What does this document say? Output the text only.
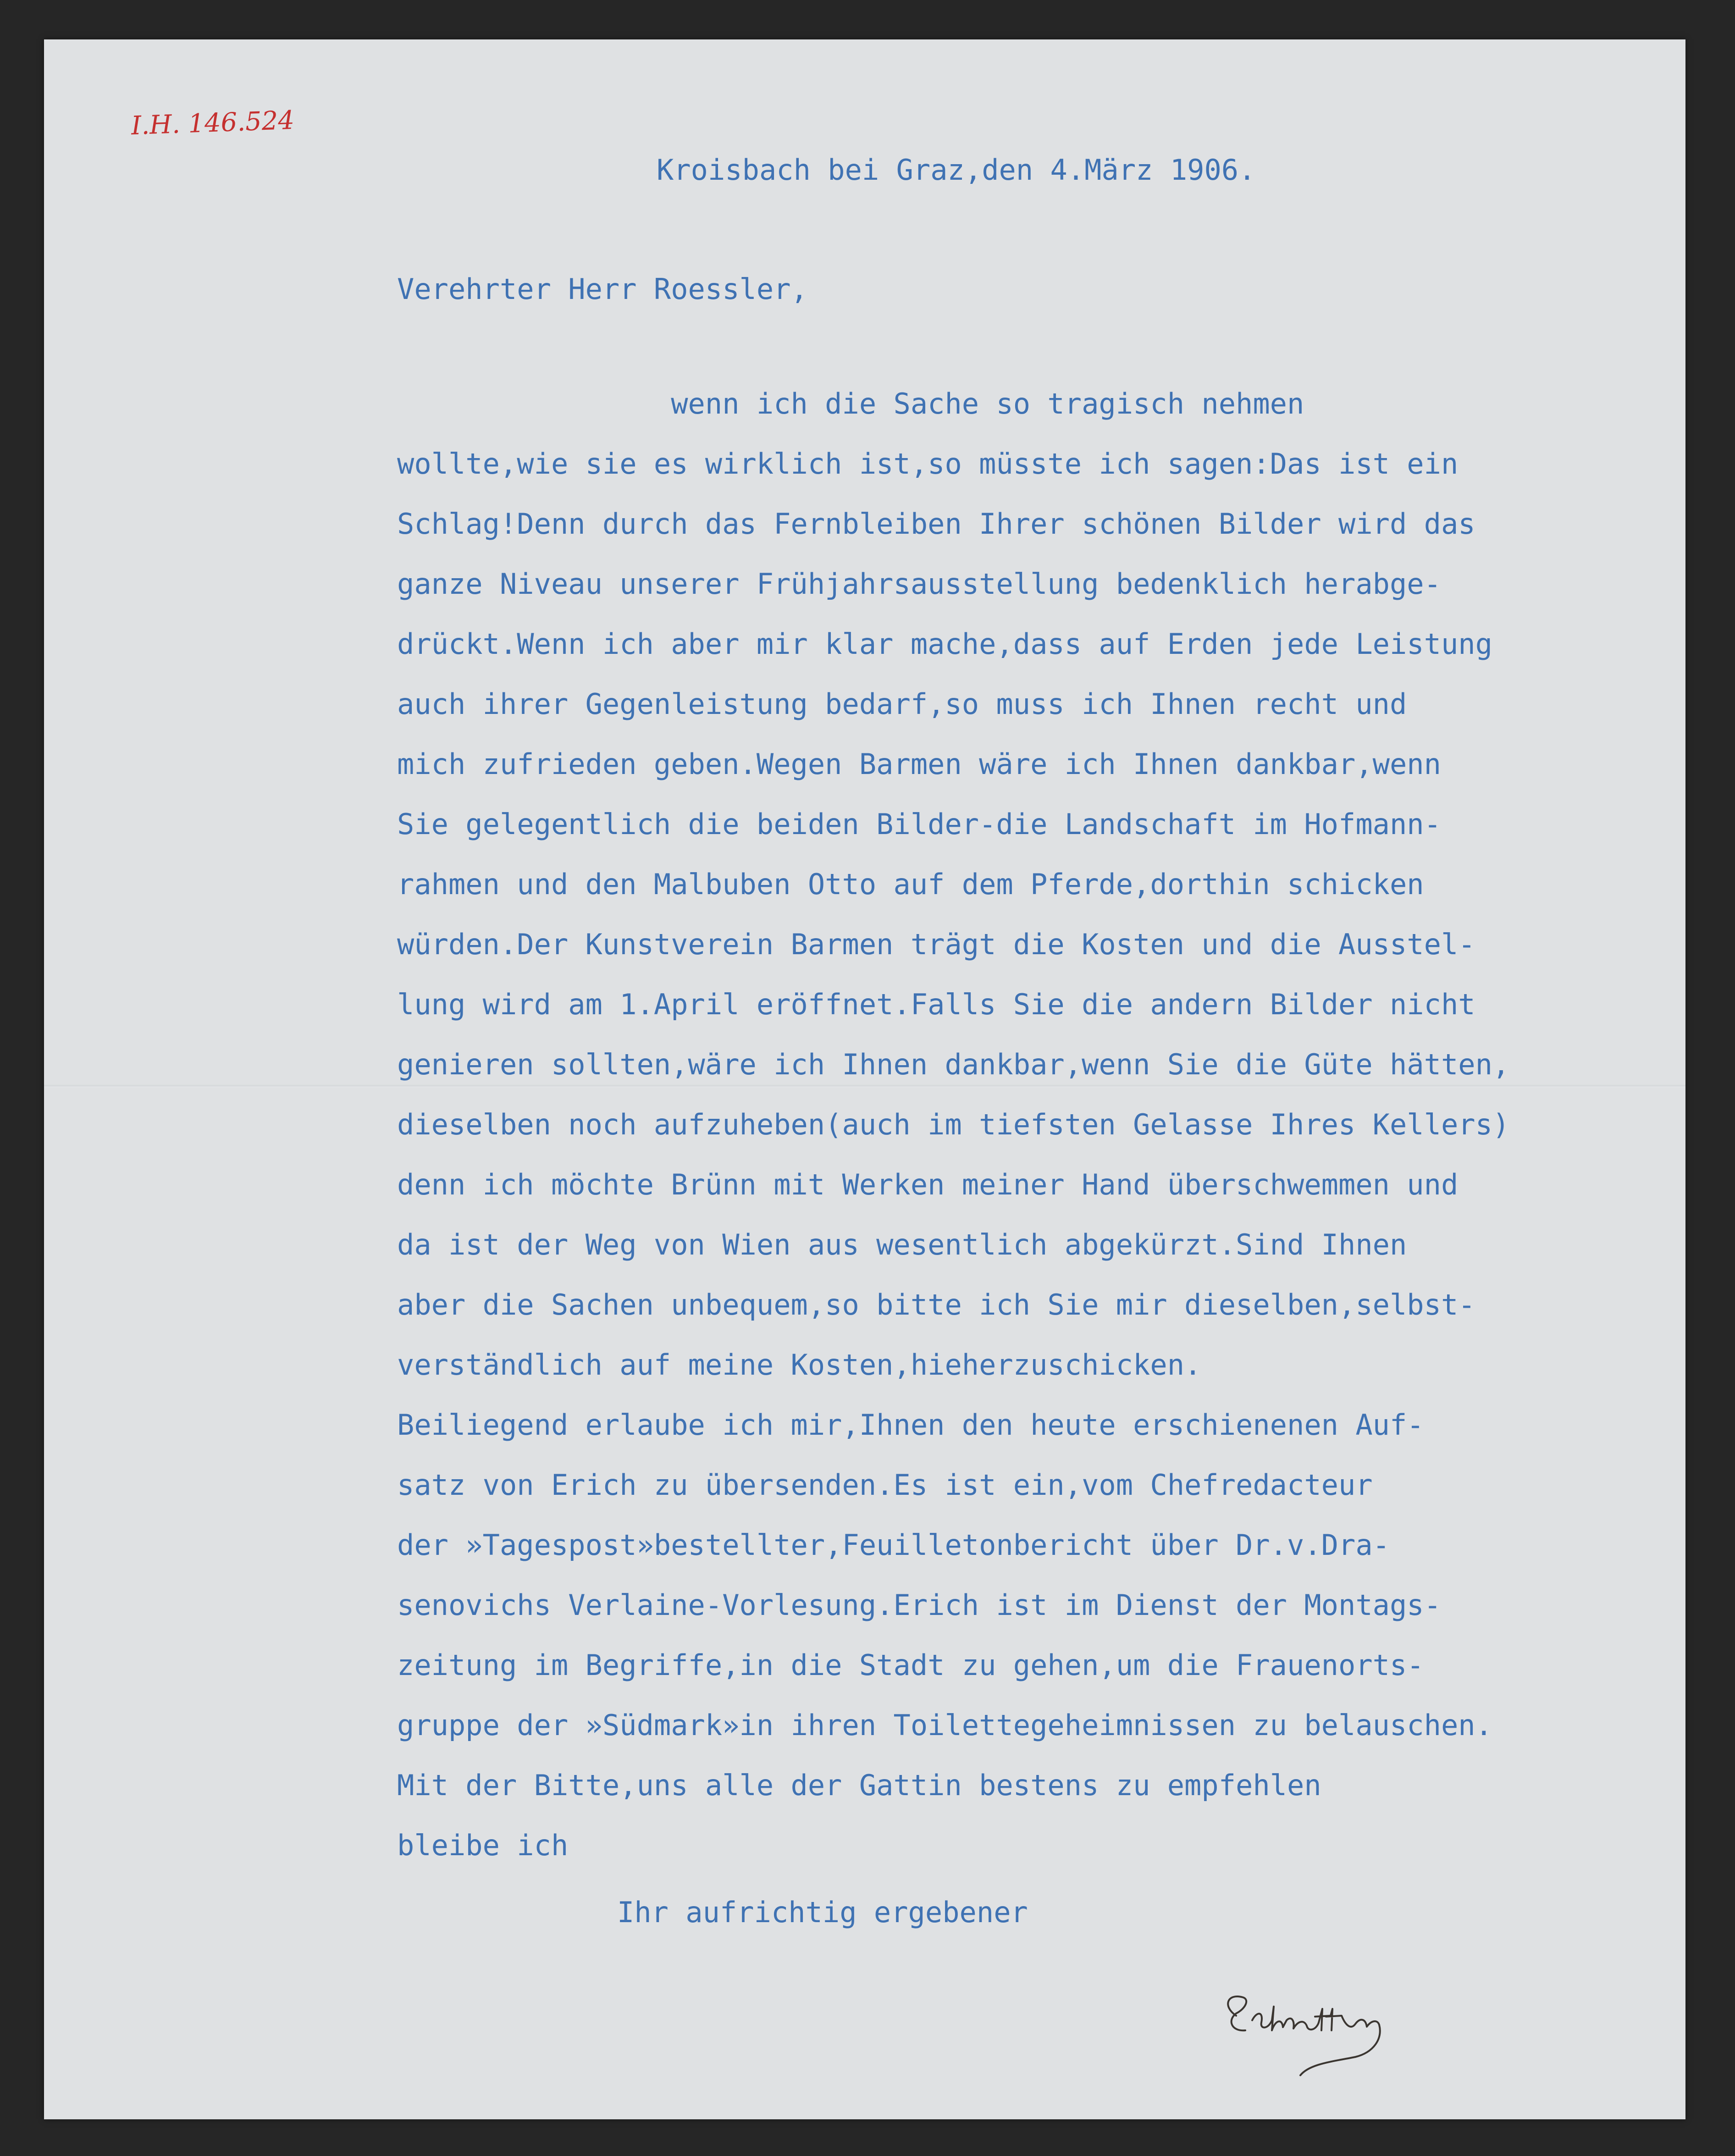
I.H. 146.524
Kroisbach bei Graz,den 4.März 1906.
Verehrter Herr Roessler,
wenn ich die Sache so tragisch nehmen
wollte,wie sie es wirklich ist,so müsste ich sagen:Das ist ein
Schlag!Denn durch das Fernbleiben Ihrer schönen Bilder wird das
ganze Niveau unserer Frühjahrsausstellung bedenklich herabge-
drückt.Wenn ich aber mir klar mache,dass auf Erden jede Leistung
auch ihrer Gegenleistung bedarf,so muss ich Ihnen recht und
mich zufrieden geben.Wegen Barmen wäre ich Ihnen dankbar,wenn
Sie gelegentlich die beiden Bilder-die Landschaft im Hofmann-
rahmen und den Malbuben Otto auf dem Pferde,dorthin schicken
würden.Der Kunstverein Barmen trägt die Kosten und die Ausstel-
lung wird am 1.April eröffnet.Falls Sie die andern Bilder nicht
genieren sollten,wäre ich Ihnen dankbar,wenn Sie die Güte hätten,
dieselben noch aufzuheben(auch im tiefsten Gelasse Ihres Kellers)
denn ich möchte Brünn mit Werken meiner Hand überschwemmen und
da ist der Weg von Wien aus wesentlich abgekürzt.Sind Ihnen
aber die Sachen unbequem,so bitte ich Sie mir dieselben,selbst-
verständlich auf meine Kosten,hieherzuschicken.
Beiliegend erlaube ich mir,Ihnen den heute erschienenen Auf-
satz von Erich zu übersenden.Es ist ein,vom Chefredacteur
der »Tagespost»bestellter,Feuilletonbericht über Dr.v.Dra-
senovichs Verlaine-Vorlesung.Erich ist im Dienst der Montags-
zeitung im Begriffe,in die Stadt zu gehen,um die Frauenorts-
gruppe der »Südmark»in ihren Toilettegeheimnissen zu belauschen.
Mit der Bitte,uns alle der Gattin bestens zu empfehlen
bleibe ich
Ihr aufrichtig ergebener
